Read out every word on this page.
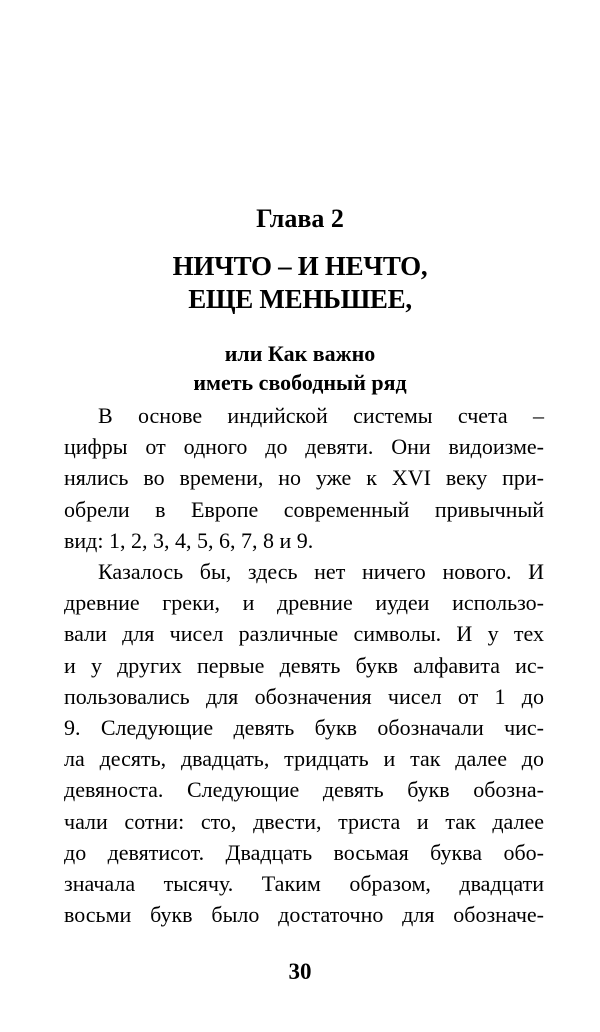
Глава 2
НИЧТО – И НЕЧТО,
ЕЩЕ МЕНЬШЕЕ,
или Как важно
иметь свободный ряд
В основе индийской системы счета –
цифры от одного до девяти. Они видоизме-
нялись во времени, но уже к XVI веку при-
обрели в Европе современный привычный
вид: 1, 2, 3, 4, 5, 6, 7, 8 и 9.
Казалось бы, здесь нет ничего нового. И
древние греки, и древние иудеи использо-
вали для чисел различные символы. И у тех
и у других первые девять букв алфавита ис-
пользовались для обозначения чисел от 1 до
9. Следующие девять букв обозначали чис-
ла десять, двадцать, тридцать и так далее до
девяноста. Следующие девять букв обозна-
чали сотни: сто, двести, триста и так далее
до девятисот. Двадцать восьмая буква обо-
значала тысячу. Таким образом, двадцати
восьми букв было достаточно для обозначе-
30
